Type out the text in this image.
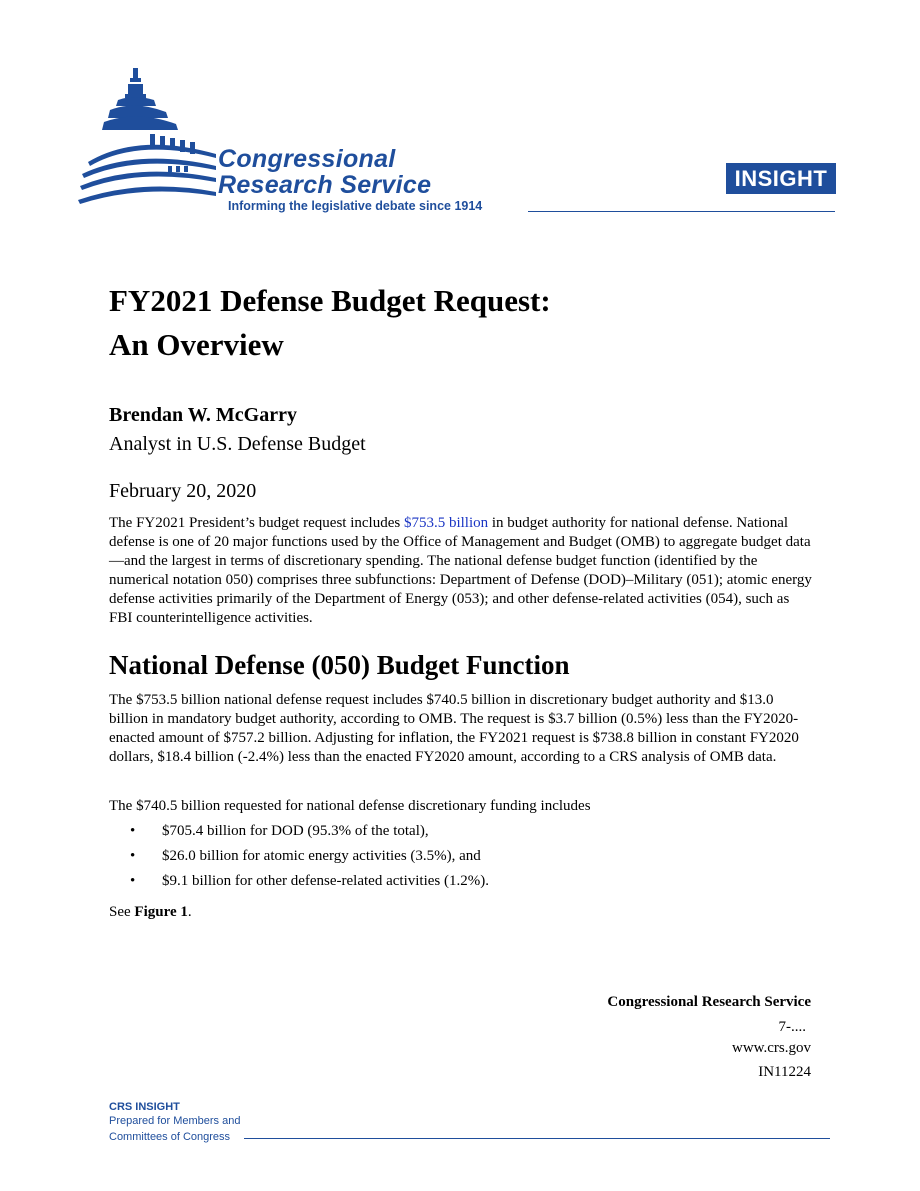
Congressional
Research Service
Informing the legislative debate since 1914
INSIGHT
FY2021 Defense Budget Request:
An Overview
Brendan W. McGarry
Analyst in U.S. Defense Budget
February 20, 2020
The FY2021 President’s budget request includes $753.5 billion in budget authority for national defense. National defense is one of 20 major functions used by the Office of Management and Budget (OMB) to aggregate budget data—and the largest in terms of discretionary spending. The national defense budget function (identified by the numerical notation 050) comprises three subfunctions: Department of Defense (DOD)–Military (051); atomic energy defense activities primarily of the Department of Energy (053); and other defense-related activities (054), such as FBI counterintelligence activities.
National Defense (050) Budget Function
The $753.5 billion national defense request includes $740.5 billion in discretionary budget authority and $13.0 billion in mandatory budget authority, according to OMB. The request is $3.7 billion (0.5%) less than the FY2020-enacted amount of $757.2 billion. Adjusting for inflation, the FY2021 request is $738.8 billion in constant FY2020 dollars, $18.4 billion (-2.4%) less than the enacted FY2020 amount, according to a CRS analysis of OMB data.
The $740.5 billion requested for national defense discretionary funding includes
• $705.4 billion for DOD (95.3% of the total),
• $26.0 billion for atomic energy activities (3.5%), and
• $9.1 billion for other defense-related activities (1.2%).
See Figure 1.
Congressional Research Service
7-....
www.crs.gov
IN11224
CRS INSIGHT
Prepared for Members and
Committees of Congress
